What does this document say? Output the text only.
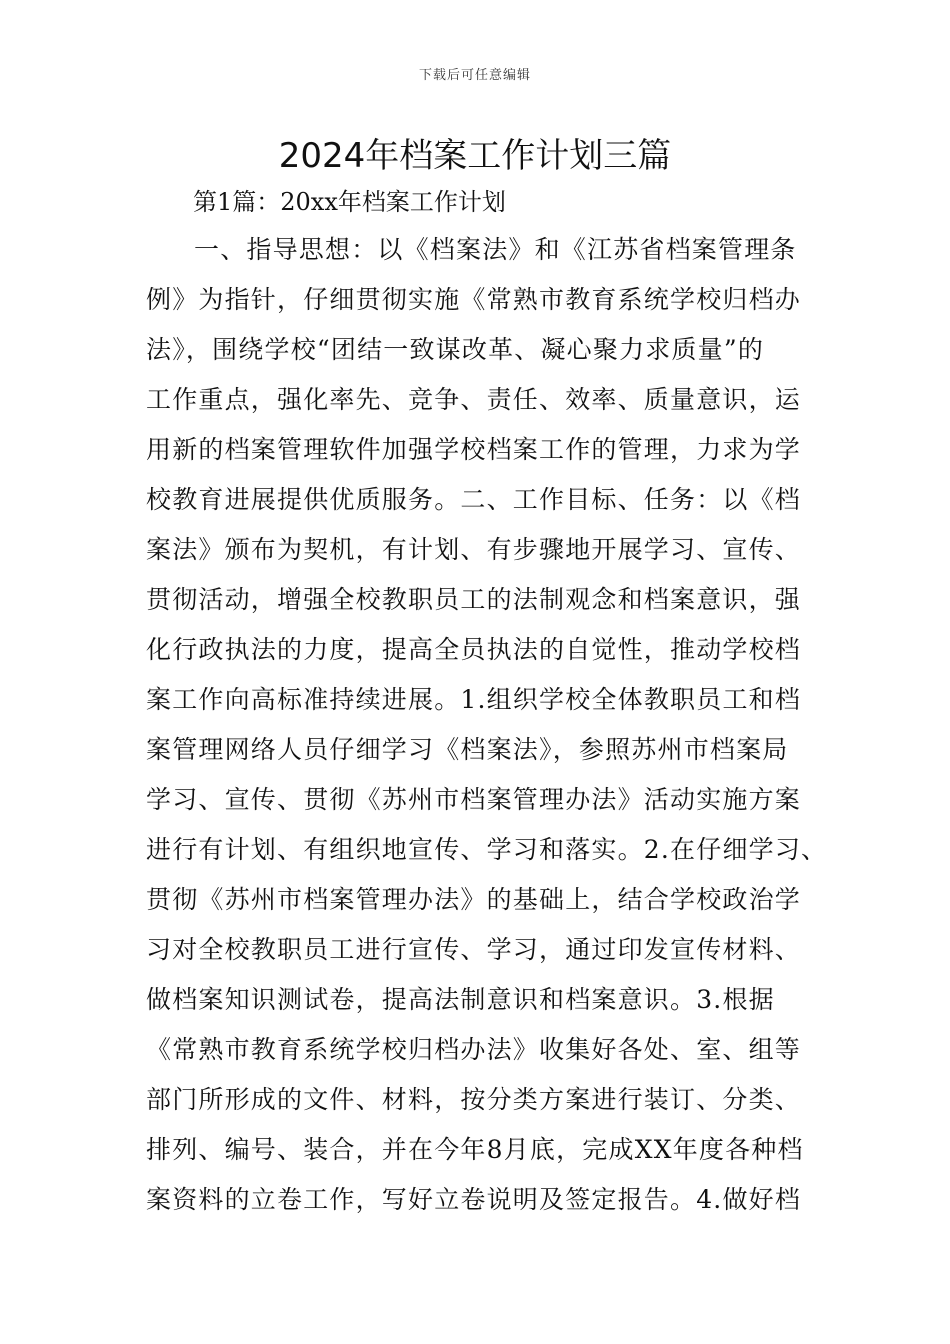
下载后可任意编辑
2024年档案工作计划三篇
第1篇：20xx年档案工作计划
一、指导思想：以《档案法》和《江苏省档案管理条
例》为指针，仔细贯彻实施《常熟市教育系统学校归档办
法》，围绕学校“团结一致谋改革、凝心聚力求质量”的
工作重点，强化率先、竞争、责任、效率、质量意识，运
用新的档案管理软件加强学校档案工作的管理，力求为学
校教育进展提供优质服务。二、工作目标、任务：以《档
案法》颁布为契机，有计划、有步骤地开展学习、宣传、
贯彻活动，增强全校教职员工的法制观念和档案意识，强
化行政执法的力度，提高全员执法的自觉性，推动学校档
案工作向高标准持续进展。1.组织学校全体教职员工和档
案管理网络人员仔细学习《档案法》，参照苏州市档案局
学习、宣传、贯彻《苏州市档案管理办法》活动实施方案
进行有计划、有组织地宣传、学习和落实。2.在仔细学习、
贯彻《苏州市档案管理办法》的基础上，结合学校政治学
习对全校教职员工进行宣传、学习，通过印发宣传材料、
做档案知识测试卷，提高法制意识和档案意识。3.根据
《常熟市教育系统学校归档办法》收集好各处、室、组等
部门所形成的文件、材料，按分类方案进行装订、分类、
排列、编号、装合，并在今年8月底，完成XX年度各种档
案资料的立卷工作，写好立卷说明及签定报告。4.做好档
